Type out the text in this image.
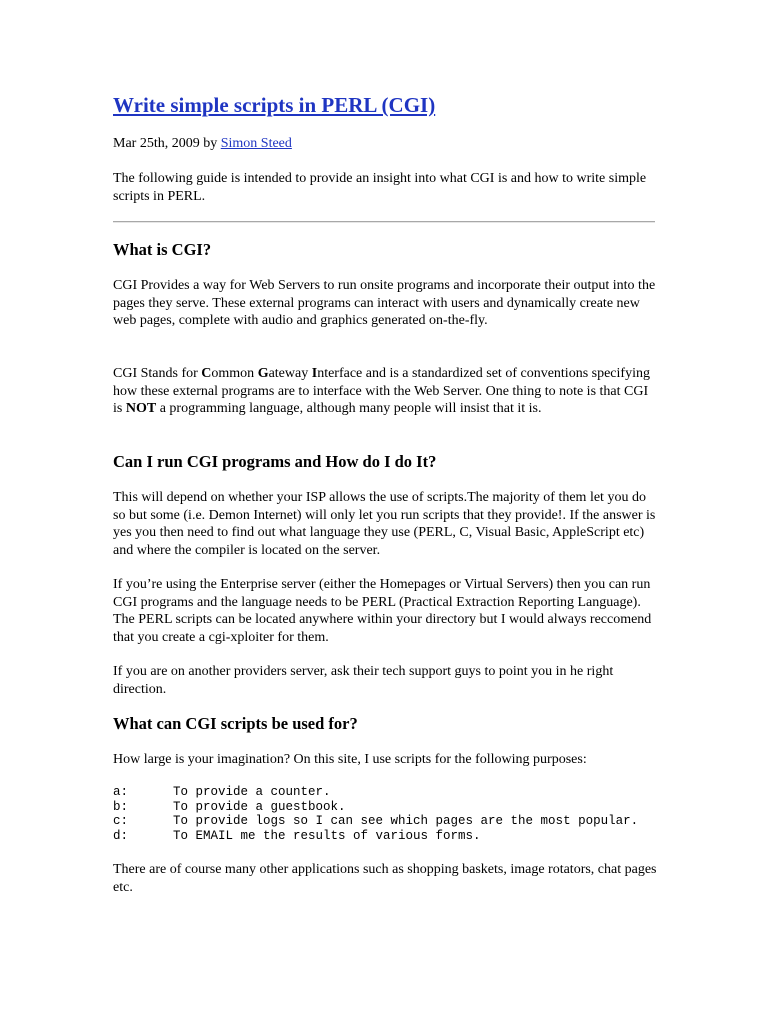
Write simple scripts in PERL (CGI)

Mar 25th, 2009 by Simon Steed

The following guide is intended to provide an insight into what CGI is and how to write simple scripts in PERL.

What is CGI?

CGI Provides a way for Web Servers to run onsite programs and incorporate their output into the pages they serve. These external programs can interact with users and dynamically create new web pages, complete with audio and graphics generated on-the-fly.

CGI Stands for Common Gateway Interface and is a standardized set of conventions specifying how these external programs are to interface with the Web Server. One thing to note is that CGI is NOT a programming language, although many people will insist that it is.

Can I run CGI programs and How do I do It?

This will depend on whether your ISP allows the use of scripts.The majority of them let you do so but some (i.e. Demon Internet) will only let you run scripts that they provide!. If the answer is yes you then need to find out what language they use (PERL, C, Visual Basic, AppleScript etc) and where the compiler is located on the server.

If you’re using the Enterprise server (either the Homepages or Virtual Servers) then you can run CGI programs and the language needs to be PERL (Practical Extraction Reporting Language). The PERL scripts can be located anywhere within your directory but I would always reccomend that you create a cgi-xploiter for them.

If you are on another providers server, ask their tech support guys to point you in he right direction.

What can CGI scripts be used for?

How large is your imagination? On this site, I use scripts for the following purposes:

a:	To provide a counter.
b:	To provide a guestbook.
c:	To provide logs so I can see which pages are the most popular.
d:	To EMAIL me the results of various forms.

There are of course many other applications such as shopping baskets, image rotators, chat pages etc.
